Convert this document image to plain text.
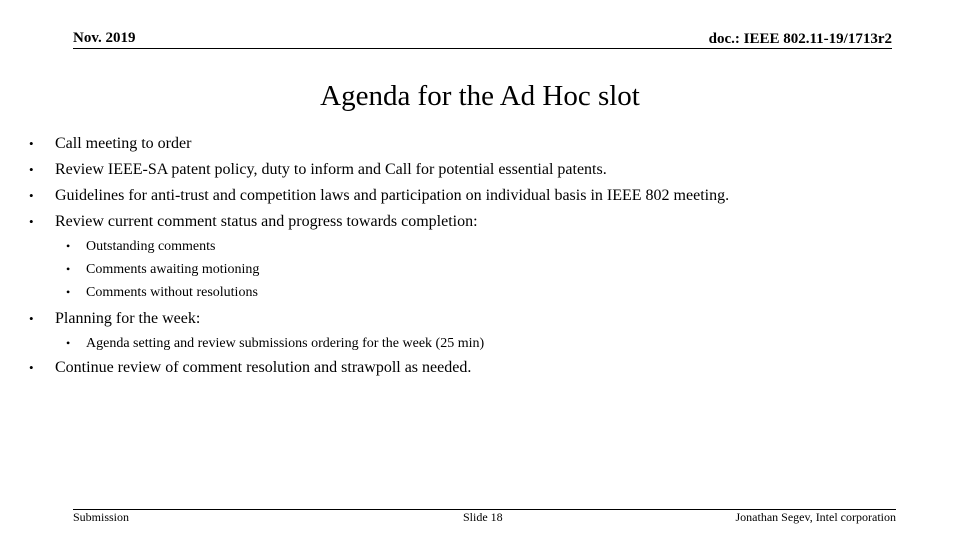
Nov. 2019	doc.: IEEE 802.11-19/1713r2
Agenda for the Ad Hoc slot
• Call meeting to order
• Review IEEE-SA patent policy, duty to inform and Call for potential essential patents.
• Guidelines for anti-trust and competition laws and participation on individual basis in IEEE 802 meeting.
• Review current comment status and progress towards completion:
• Outstanding comments
• Comments awaiting motioning
• Comments without resolutions
• Planning for the week:
• Agenda setting and review submissions ordering for the week (25 min)
• Continue review of comment resolution and strawpoll as needed.
Submission	Slide 18	Jonathan Segev, Intel corporation
